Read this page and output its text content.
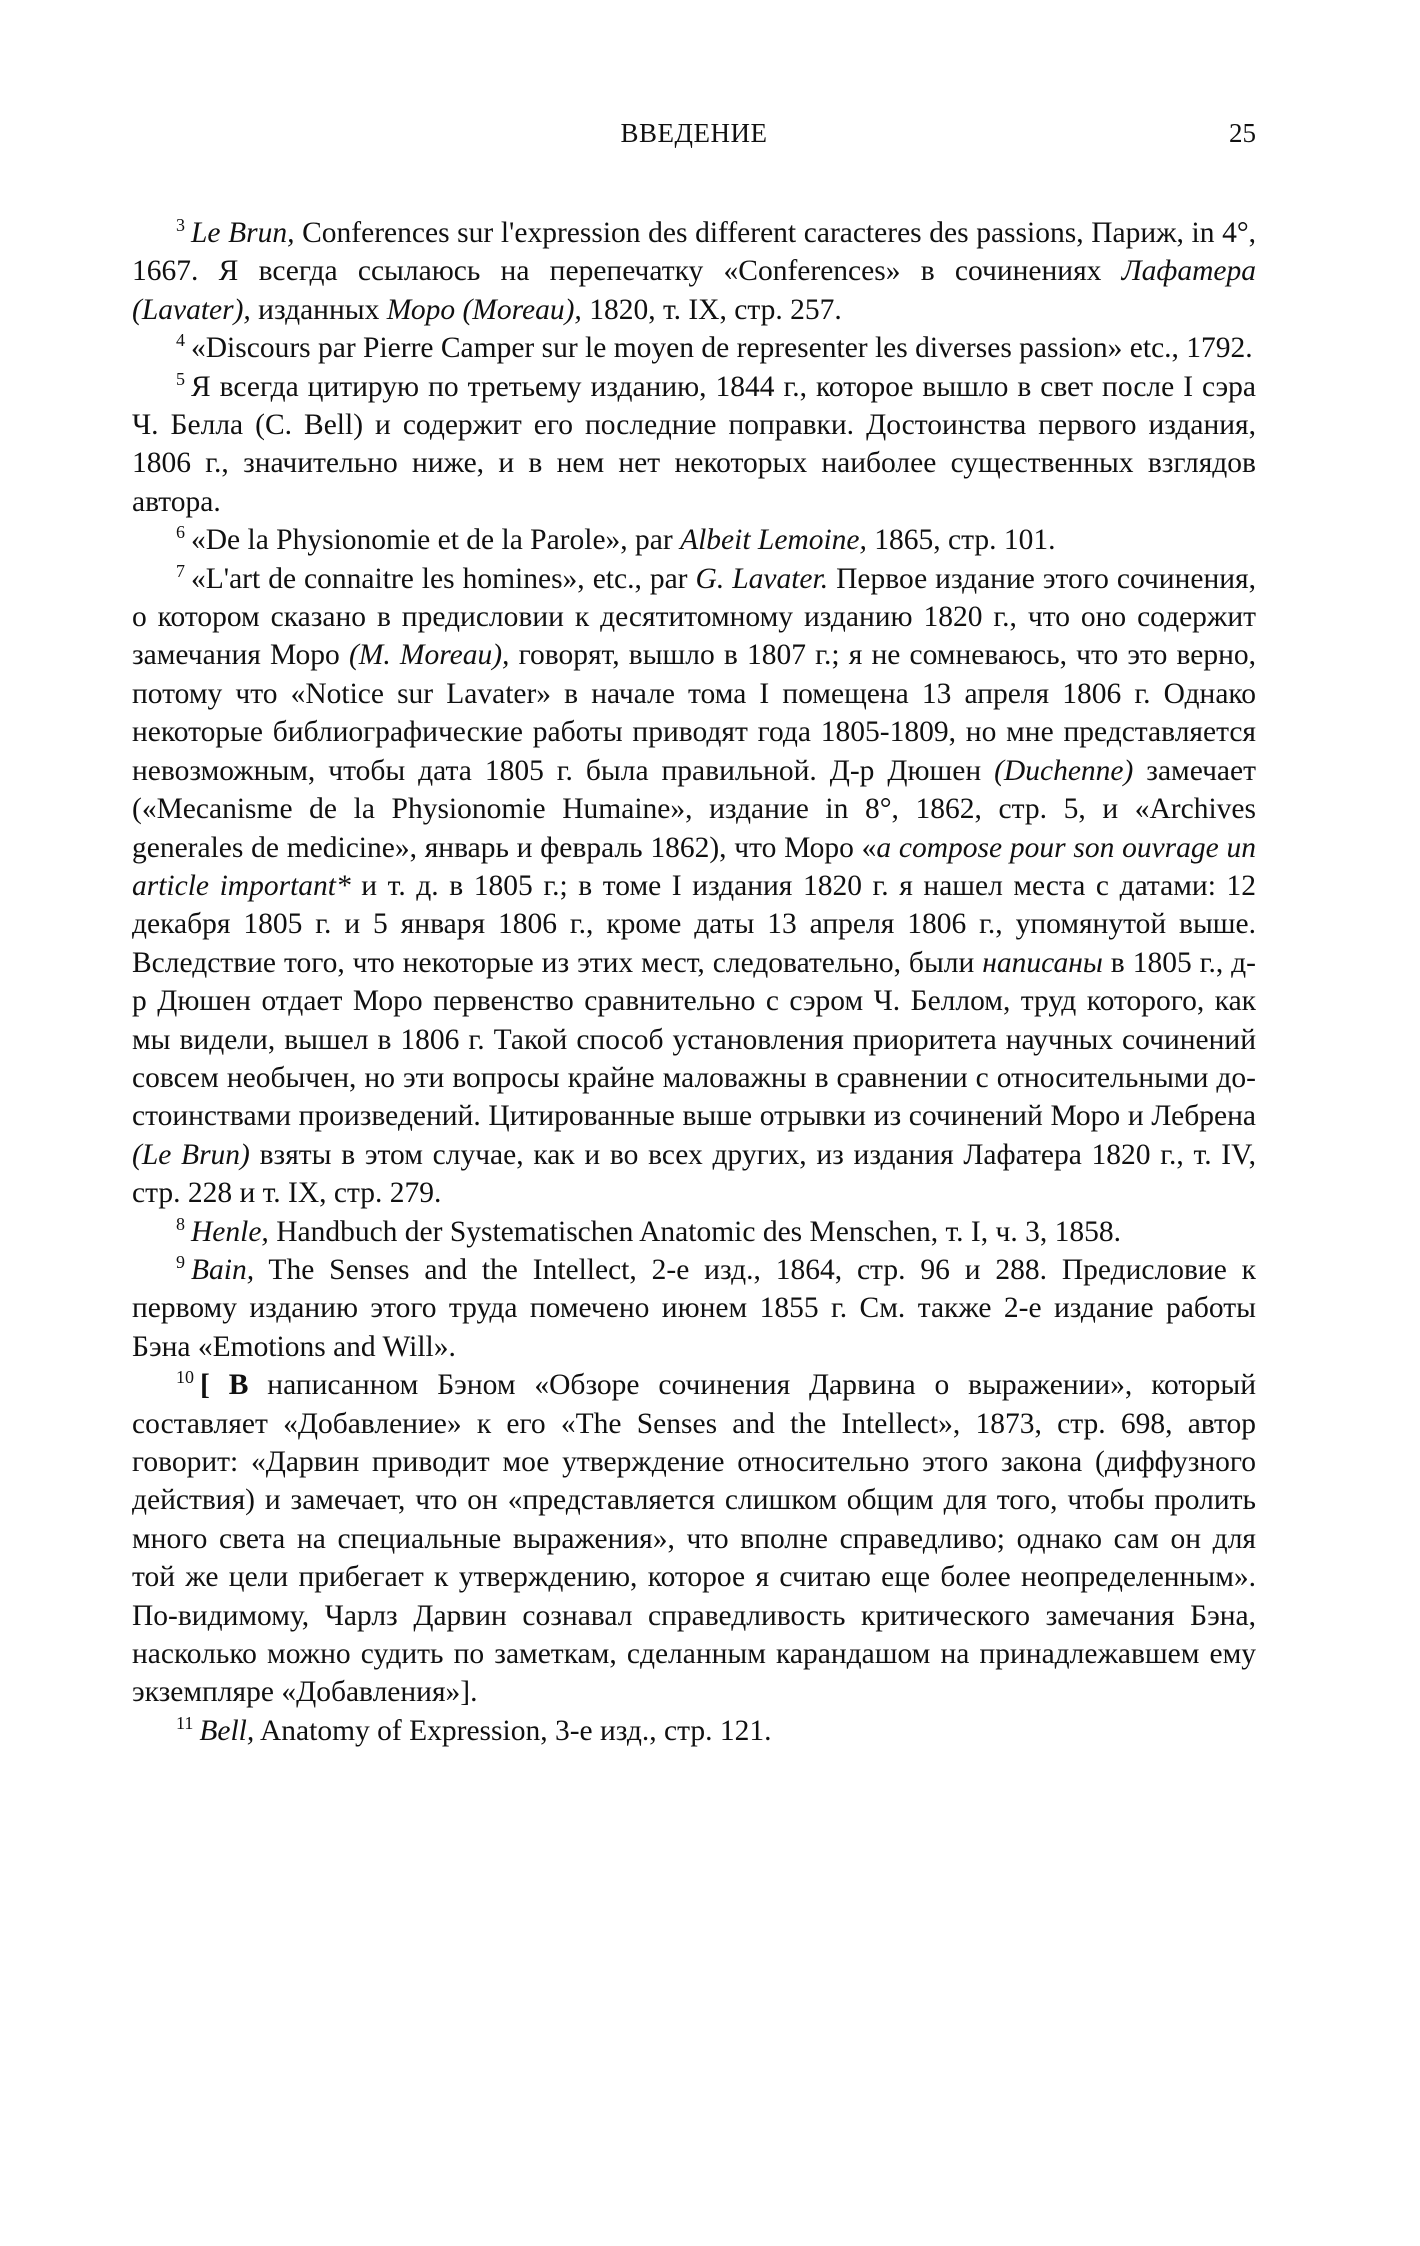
ВВЕДЕНИЕ	25

$^3$ Le Brun, Conferences sur l'expression des different caracteres des passions, Париж, in 4°, 1667. Я всегда ссылаюсь на перепечатку «Conferences» в сочинениях Лафатера (Lavater), изданных Моро (Moreau), 1820, т. IX, стр. 257.

$^4$ «Discours par Pierre Camper sur le moyen de representer les diverses passion» etc., 1792.

$^5$ Я всегда цитирую по третьему изданию, 1844 г., которое вышло в свет после I сэра Ч. Белла (C. Bell) и содержит его последние поправки. Достоинства первого издания, 1806 г., значительно ниже, и в нем нет некоторых наиболее существенных взглядов автора.

$^6$ «De la Physionomie et de la Parole», par Albeit Lemoine, 1865, стр. 101.

$^7$ «L'art de connaitre les homines», etc., par G. Lavater. Первое издание этого сочинения, о котором сказано в предисловии к десятитомному изданию 1820 г., что оно содержит замечания Моро (M. Moreau), говорят, вышло в 1807 г.; я не сомневаюсь, что это верно, потому что «Notice sur Lavater» в начале тома I помещена 13 апреля 1806 г. Однако некоторые библиографические работы приводят года 1805-1809, но мне представляется невозможным, чтобы дата 1805 г. была правильной. Д-р Дюшен (Duchenne) замечает («Mecanisme de la Physionomie Humaine», издание in 8°, 1862, стр. 5, и «Archives generales de medicine», январь и февраль 1862), что Моро «a compose pour son ouvrage un article important* и т. д. в 1805 г.; в томе I издания 1820 г. я нашел места с датами: 12 декабря 1805 г. и 5 января 1806 г., кроме даты 13 апреля 1806 г., упомянутой выше. Вследствие того, что некоторые из этих мест, следовательно, были написаны в 1805 г., д-р Дюшен отдает Моро первенство сравнительно с сэром Ч. Беллом, труд которого, как мы видели, вышел в 1806 г. Такой способ установления приоритета научных сочинений совсем необычен, но эти вопросы крайне маловажны в сравнении с относительными достоинствами произведений. Цитированные выше отрывки из сочинений Моро и Лебрена (Le Brun) взяты в этом случае, как и во всех других, из издания Лафатера 1820 г., т. IV, стр. 228 и т. IX, стр. 279.

$^8$ Henle, Handbuch der Systematischen Anatomic des Menschen, т. I, ч. 3, 1858.

$^9$ Bain, The Senses and the Intellect, 2-е изд., 1864, стр. 96 и 288. Предисловие к первому изданию этого труда помечено июнем 1855 г. См. также 2-е издание работы Бэна «Emotions and Will».

$^{10}$ [ В написанном Бэном «Обзоре сочинения Дарвина о выражении», который составляет «Добавление» к его «The Senses and the Intellect», 1873, стр. 698, автор говорит: «Дарвин приводит мое утверждение относительно этого закона (диффузного действия) и замечает, что он «представляется слишком общим для того, чтобы пролить много света на специальные выражения», что вполне справедливо; однако сам он для той же цели прибегает к утверждению, которое я считаю еще более неопределенным». По-видимому, Чарлз Дарвин сознавал справедливость критического замечания Бэна, насколько можно судить по заметкам, сделанным карандашом на принадлежавшем ему экземпляре «Добавления»].

$^{11}$ Bell, Anatomy of Expression, 3-е изд., стр. 121.
